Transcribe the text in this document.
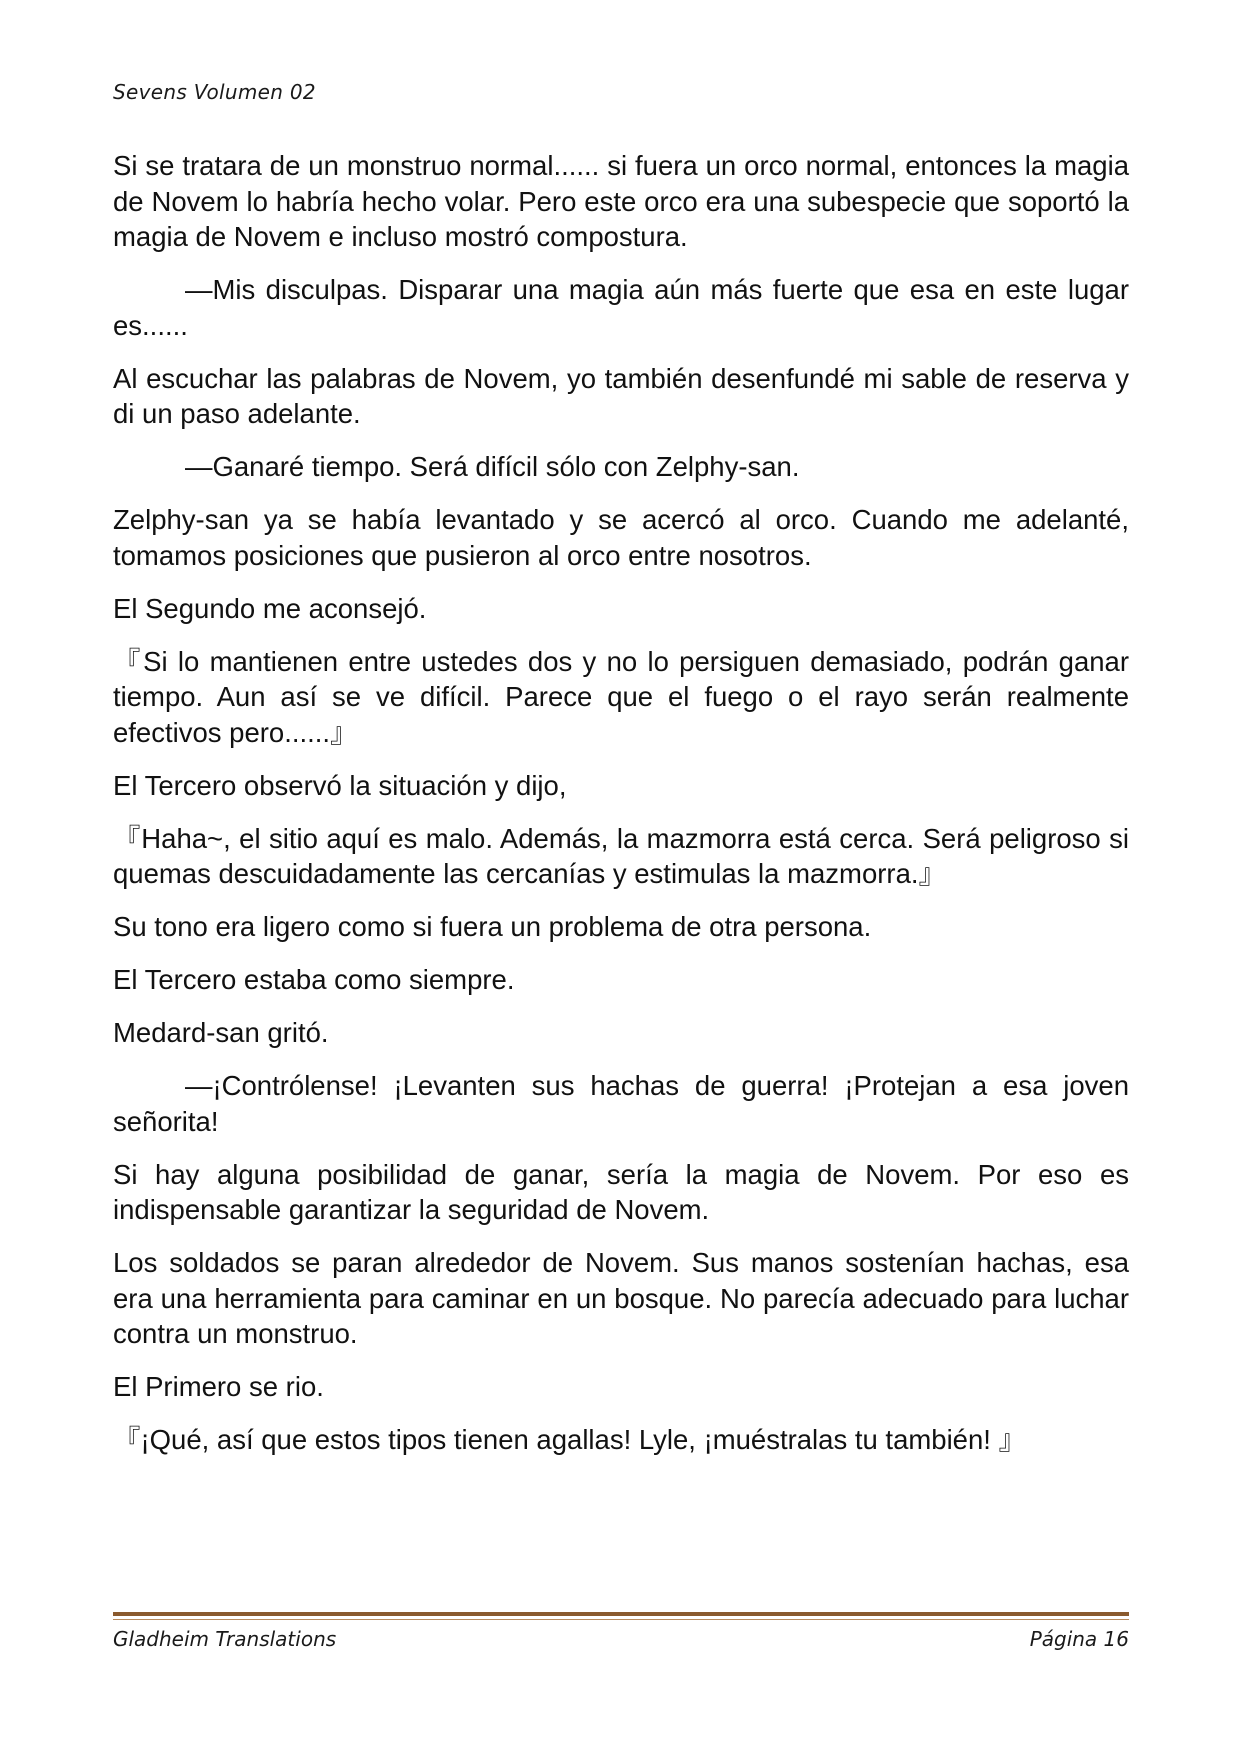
Sevens Volumen 02

Si se tratara de un monstruo normal...... si fuera un orco normal, entonces la magia de Novem lo habría hecho volar. Pero este orco era una subespecie que soportó la magia de Novem e incluso mostró compostura.

—Mis disculpas. Disparar una magia aún más fuerte que esa en este lugar es......

Al escuchar las palabras de Novem, yo también desenfundé mi sable de reserva y di un paso adelante.

—Ganaré tiempo. Será difícil sólo con Zelphy-san.

Zelphy-san ya se había levantado y se acercó al orco. Cuando me adelanté, tomamos posiciones que pusieron al orco entre nosotros.

El Segundo me aconsejó.

『Si lo mantienen entre ustedes dos y no lo persiguen demasiado, podrán ganar tiempo. Aun así se ve difícil. Parece que el fuego o el rayo serán realmente efectivos pero......』

El Tercero observó la situación y dijo,

『Haha~, el sitio aquí es malo. Además, la mazmorra está cerca. Será peligroso si quemas descuidadamente las cercanías y estimulas la mazmorra.』

Su tono era ligero como si fuera un problema de otra persona.

El Tercero estaba como siempre.

Medard-san gritó.

—¡Contrólense! ¡Levanten sus hachas de guerra! ¡Protejan a esa joven señorita!

Si hay alguna posibilidad de ganar, sería la magia de Novem. Por eso es indispensable garantizar la seguridad de Novem.

Los soldados se paran alrededor de Novem. Sus manos sostenían hachas, esa era una herramienta para caminar en un bosque. No parecía adecuado para luchar contra un monstruo.

El Primero se rio.

『¡Qué, así que estos tipos tienen agallas! Lyle, ¡muéstralas tu también! 』

Gladheim Translations	Página 16
